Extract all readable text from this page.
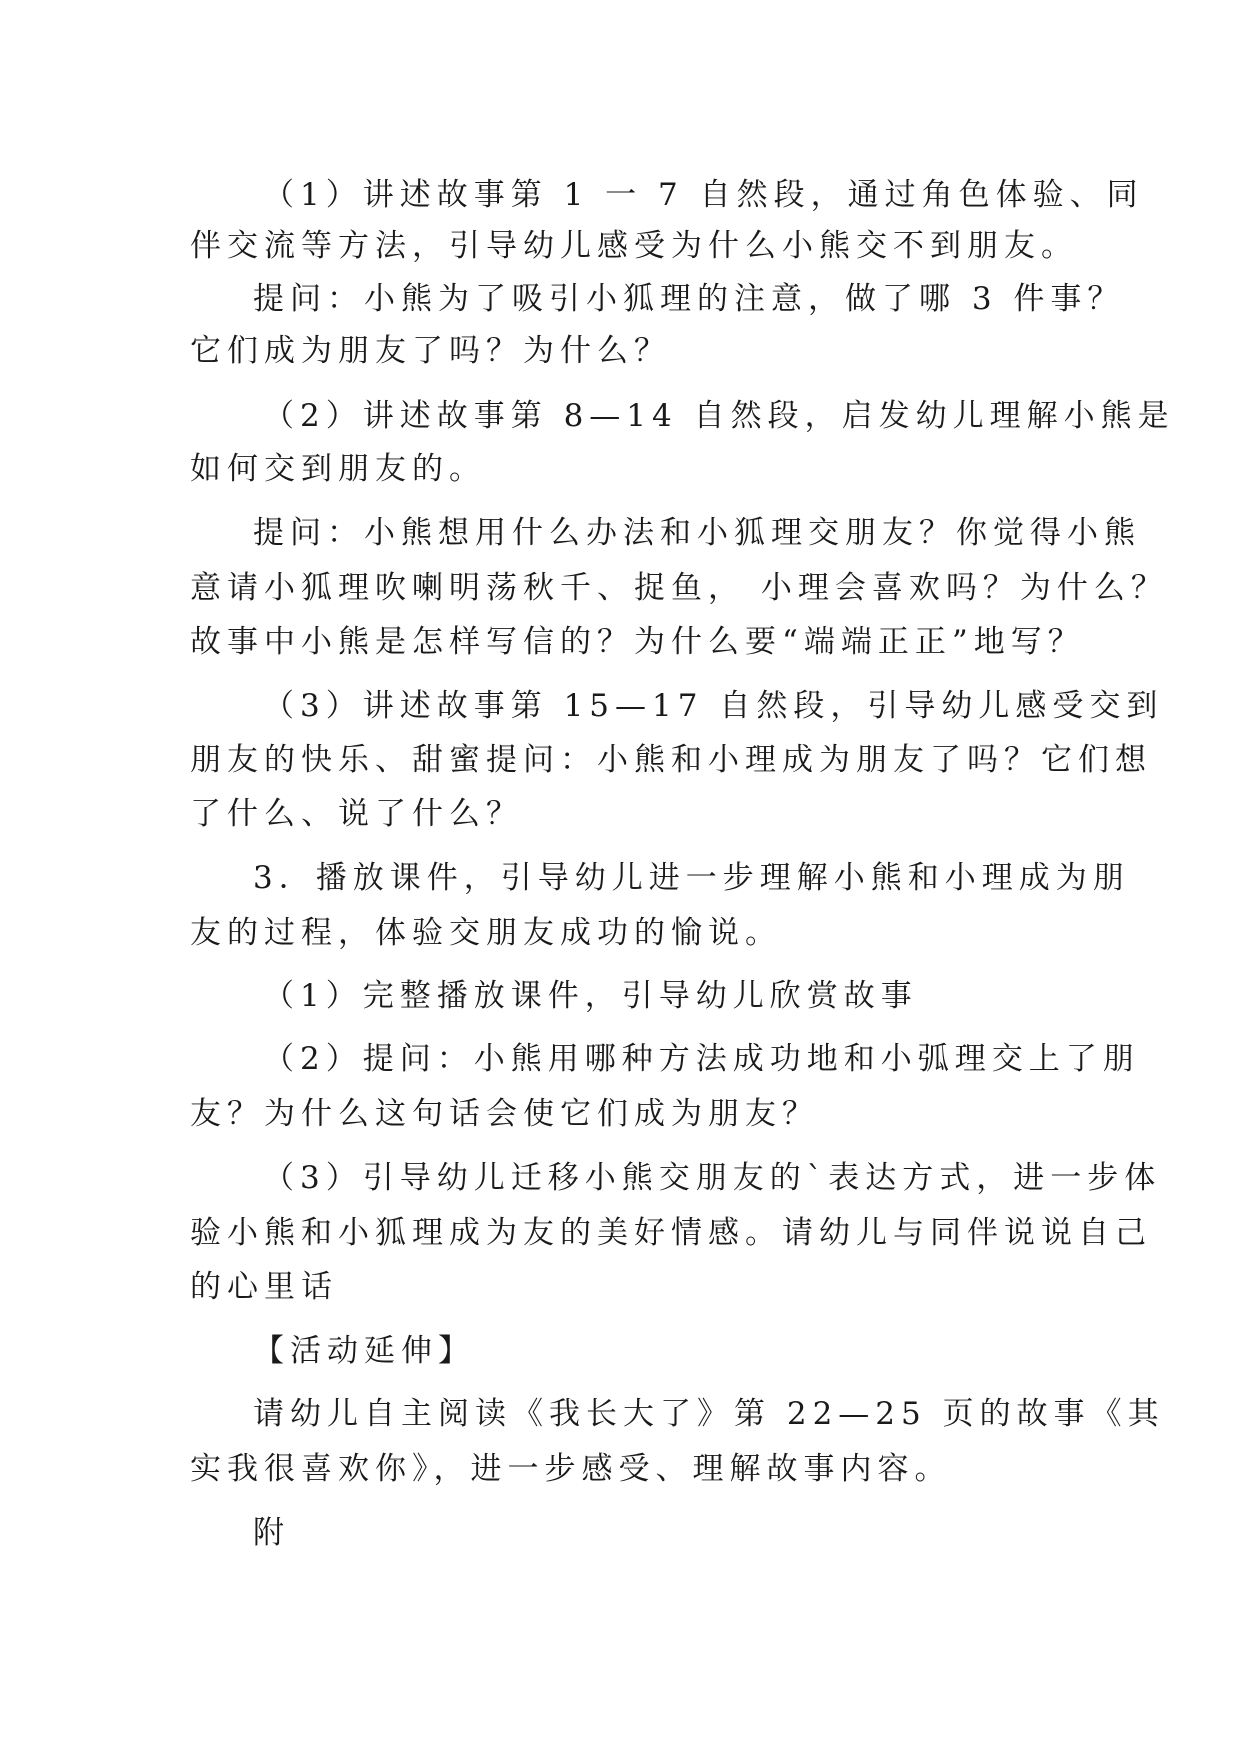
（1）讲述故事第 1 一 7 自然段，通过角色体验、同
伴交流等方法，引导幼儿感受为什么小熊交不到朋友。
提问：小熊为了吸引小狐理的注意，做了哪 3 件事？
它们成为朋友了吗？为什么？
（2）讲述故事第 8—14 自然段，启发幼儿理解小熊是
如何交到朋友的。
提问：小熊想用什么办法和小狐理交朋友？你觉得小熊
意请小狐理吹喇明荡秋千、捉鱼， 小理会喜欢吗？为什么？
故事中小熊是怎样写信的？为什么要“端端正正”地写？
（3）讲述故事第 15—17 自然段，引导幼儿感受交到
朋友的快乐、甜蜜提问：小熊和小理成为朋友了吗？它们想
了什么、说了什么？
3．播放课件，引导幼儿进一步理解小熊和小理成为朋
友的过程，体验交朋友成功的愉说。
（1）完整播放课件，引导幼儿欣赏故事
（2）提问：小熊用哪种方法成功地和小弧理交上了朋
友？为什么这句话会使它们成为朋友？
（3）引导幼儿迁移小熊交朋友的`表达方式，进一步体
验小熊和小狐理成为友的美好情感。请幼儿与同伴说说自己
的心里话
【活动延伸】
请幼儿自主阅读《我长大了》第 22—25 页的故事《其
实我很喜欢你》，进一步感受、理解故事内容。
附
